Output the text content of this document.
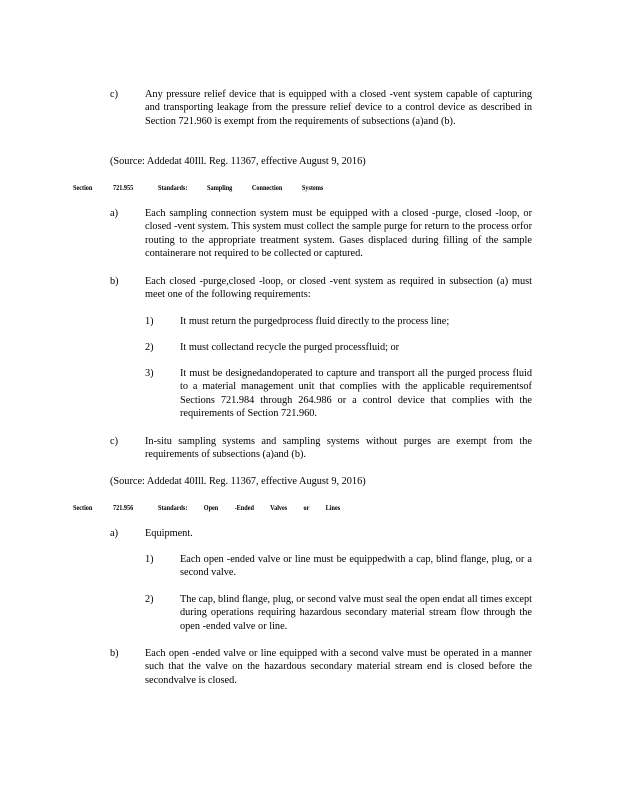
c)	Any pressure relief device that is equipped with a closed -vent system capable of capturing and transporting leakage from the pressure relief device to a control device as described in Section 721.960 is exempt from the requirements of subsections (a)and (b).
(Source: Addedat 40Ill. Reg. 11367, effective August 9, 2016)
Section	721.955	Standards: Sampling Connection Systems
a)	Each sampling connection system must be equipped with a closed -purge, closed -loop, or closed -vent system. This system must collect the sample purge for return to the process orfor routing to the appropriate treatment system. Gases displaced during filling of the sample containerare not required to be collected or captured.
b)	Each closed -purge,closed -loop, or closed -vent system as required in subsection (a) must meet one of the following requirements:
1)	It must return the purgedprocess fluid directly to the process line;
2)	It must collectand recycle the purged processfluid; or
3)	It must be designedandoperated to capture and transport all the purged process fluid to a material management unit that complies with the applicable requirementsof Sections 721.984 through 264.986 or a control device that complies with the requirements of Section 721.960.
c)	In-situ sampling systems and sampling systems without purges are exempt from the requirements of subsections (a)and (b).
(Source: Addedat 40Ill. Reg. 11367, effective August 9, 2016)
Section	721.956	Standards: Open -Ended Valves or Lines
a)	Equipment.
1)	Each open -ended valve or line must be equippedwith a cap, blind flange, plug, or a second valve.
2)	The cap, blind flange, plug, or second valve must seal the open endat all times except during operations requiring hazardous secondary material stream flow through the open -ended valve or line.
b)	Each open -ended valve or line equipped with a second valve must be operated in a manner such that the valve on the hazardous secondary material stream end is closed before the secondvalve is closed.
